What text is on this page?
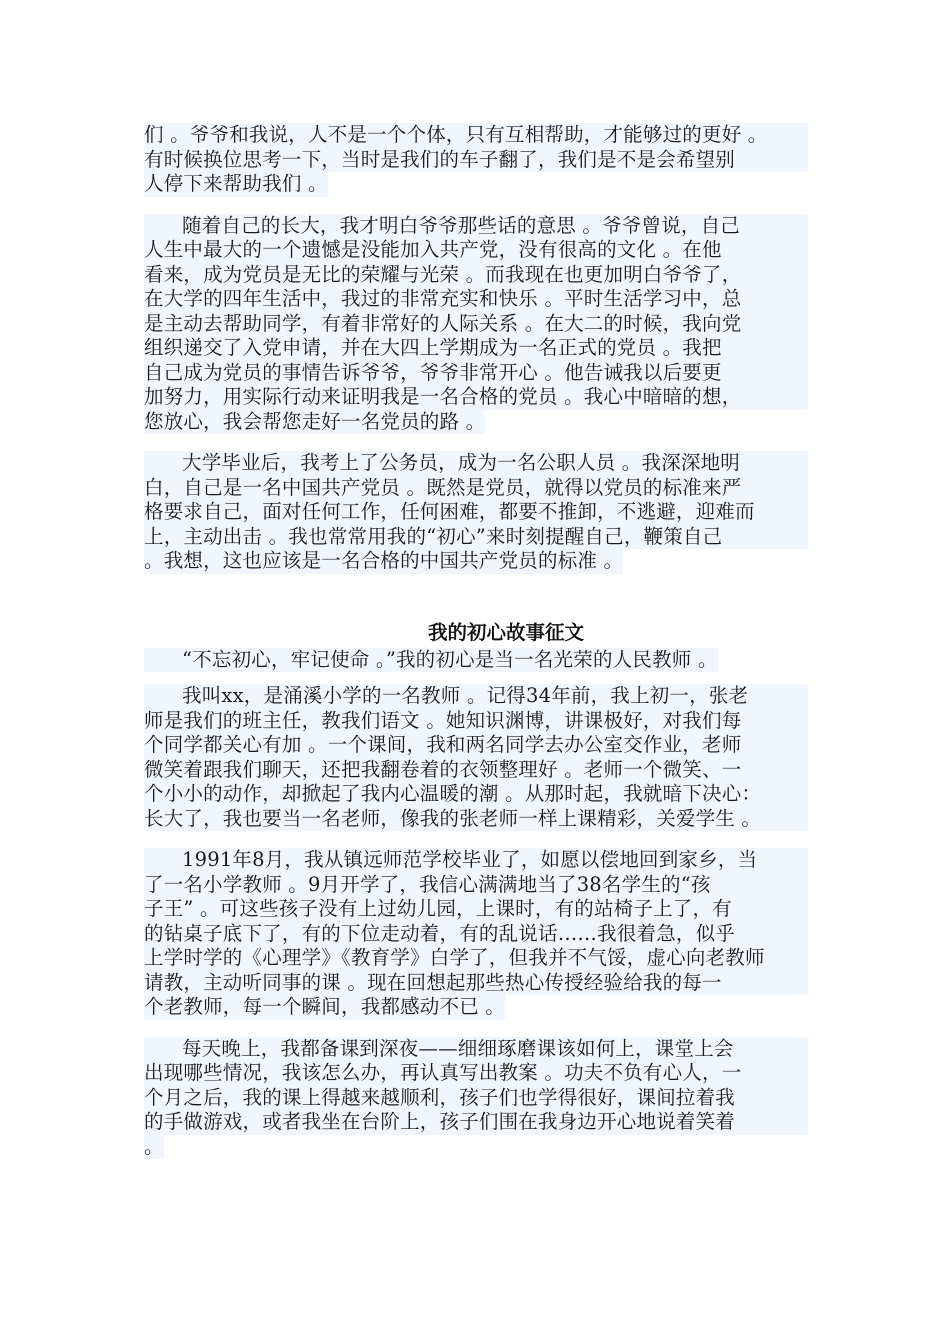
们 。爷爷和我说，人不是一个个体，只有互相帮助，才能够过的更好 。
有时候换位思考一下，当时是我们的车子翻了，我们是不是会希望别
人停下来帮助我们 。
随着自己的长大，我才明白爷爷那些话的意思 。爷爷曾说，自己
人生中最大的一个遗憾是没能加入共产党，没有很高的文化 。在他
看来，成为党员是无比的荣耀与光荣 。而我现在也更加明白爷爷了，
在大学的四年生活中，我过的非常充实和快乐 。平时生活学习中，总
是主动去帮助同学，有着非常好的人际关系 。在大二的时候，我向党
组织递交了入党申请，并在大四上学期成为一名正式的党员 。我把
自己成为党员的事情告诉爷爷，爷爷非常开心 。他告诫我以后要更
加努力，用实际行动来证明我是一名合格的党员 。我心中暗暗的想，
您放心，我会帮您走好一名党员的路 。
大学毕业后，我考上了公务员，成为一名公职人员 。我深深地明
白，自己是一名中国共产党员 。既然是党员，就得以党员的标准来严
格要求自己，面对任何工作，任何困难，都要不推卸，不逃避，迎难而
上，主动出击 。我也常常用我的“初心”来时刻提醒自己，鞭策自己
。我想，这也应该是一名合格的中国共产党员的标准 。
我的初心故事征文
“不忘初心，牢记使命 。”我的初心是当一名光荣的人民教师 。
我叫xx，是涌溪小学的一名教师 。记得34年前，我上初一，张老
师是我们的班主任，教我们语文 。她知识渊博，讲课极好，对我们每
个同学都关心有加 。一个课间，我和两名同学去办公室交作业，老师
微笑着跟我们聊天，还把我翻卷着的衣领整理好 。老师一个微笑、一
个小小的动作，却掀起了我内心温暖的潮 。从那时起，我就暗下决心：
长大了，我也要当一名老师，像我的张老师一样上课精彩，关爱学生 。
1991年8月，我从镇远师范学校毕业了，如愿以偿地回到家乡，当
了一名小学教师 。9月开学了，我信心满满地当了38名学生的“孩
子王” 。可这些孩子没有上过幼儿园，上课时，有的站椅子上了，有
的钻桌子底下了，有的下位走动着，有的乱说话……我很着急，似乎
上学时学的《心理学》《教育学》白学了，但我并不气馁，虚心向老教师
请教，主动听同事的课 。现在回想起那些热心传授经验给我的每一
个老教师，每一个瞬间，我都感动不已 。
每天晚上，我都备课到深夜——细细琢磨课该如何上，课堂上会
出现哪些情况，我该怎么办，再认真写出教案 。功夫不负有心人，一
个月之后，我的课上得越来越顺利，孩子们也学得很好，课间拉着我
的手做游戏，或者我坐在台阶上，孩子们围在我身边开心地说着笑着
。
